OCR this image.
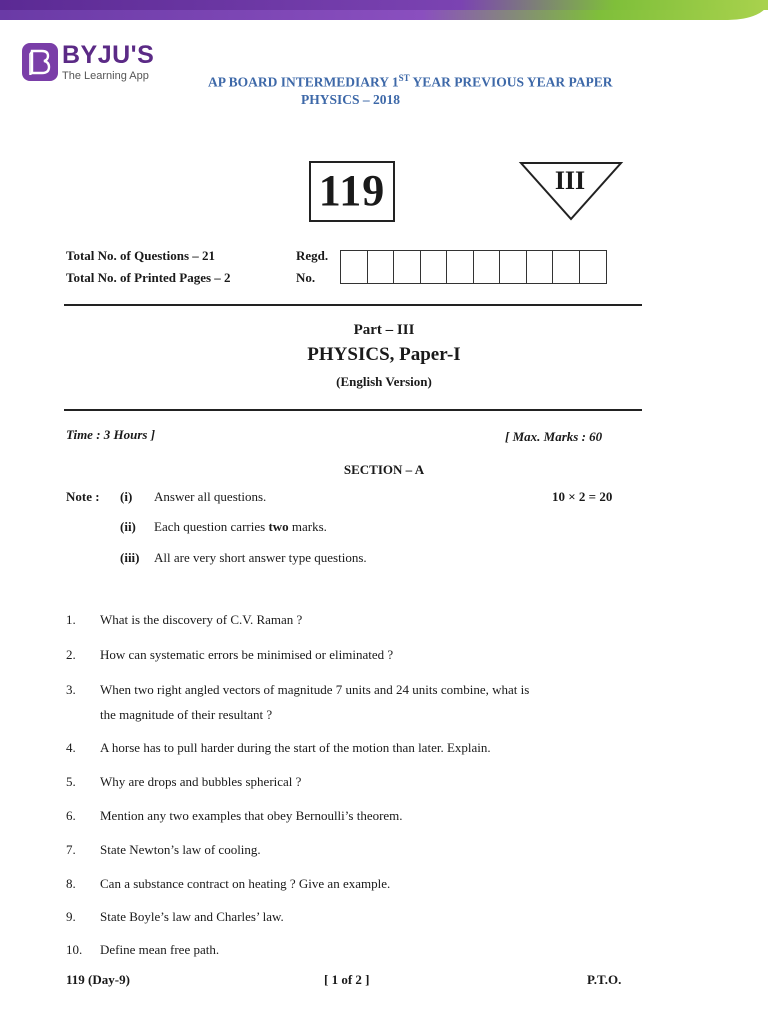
BYJU'S
The Learning App	AP BOARD INTERMEDIARY 1ST YEAR PREVIOUS YEAR PAPER
PHYSICS – 2018
119	III
Total No. of Questions – 21
Total No. of Printed Pages – 2
Regd.
No.
Part – III
PHYSICS, Paper-I
(English Version)
Time : 3 Hours ]	[ Max. Marks : 60
SECTION – A
Note : (i) Answer all questions.	10 × 2 = 20
(ii) Each question carries two marks.
(iii) All are very short answer type questions.
1. What is the discovery of C.V. Raman ?
2. How can systematic errors be minimised or eliminated ?
3. When two right angled vectors of magnitude 7 units and 24 units combine, what is
the magnitude of their resultant ?
4. A horse has to pull harder during the start of the motion than later. Explain.
5. Why are drops and bubbles spherical ?
6. Mention any two examples that obey Bernoulli’s theorem.
7. State Newton’s law of cooling.
8. Can a substance contract on heating ? Give an example.
9. State Boyle’s law and Charles’ law.
10. Define mean free path.
119 (Day-9)	[ 1 of 2 ]	P.T.O.
